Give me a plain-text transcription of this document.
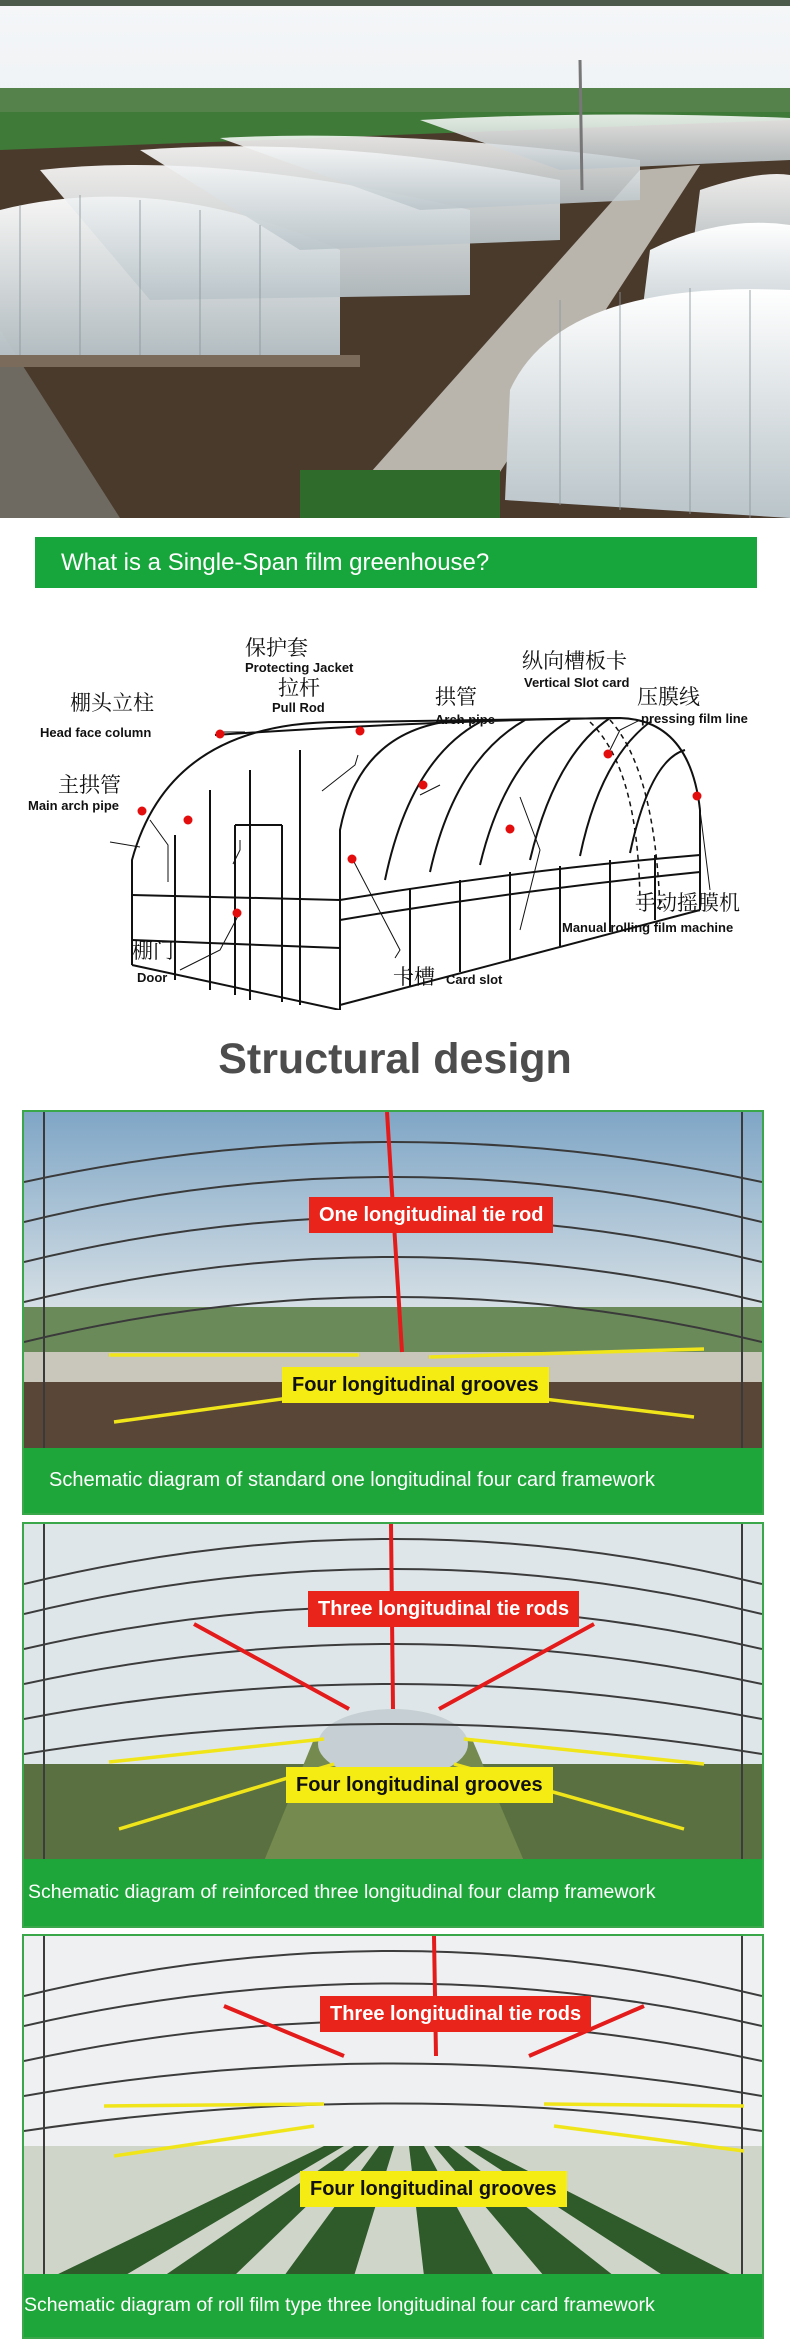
What is a Single-Span film greenhouse?
保护套
Protecting Jacket
拉杆
Pull Rod
纵向槽板卡
Vertical Slot card
棚头立柱
Head face column
拱管
Arch pipe
压膜线
pressing film line
主拱管
Main arch pipe
手动摇膜机
Manual rolling film machine
棚门
Door	卡槽 Card slot
Structural design
One longitudinal tie rod
Four longitudinal grooves
Schematic diagram of standard one longitudinal four card framework
Three longitudinal tie rods
Four longitudinal grooves
Schematic diagram of reinforced three longitudinal four clamp framework
Three longitudinal tie rods
Four longitudinal grooves
Schematic diagram of roll film type three longitudinal four card framework
